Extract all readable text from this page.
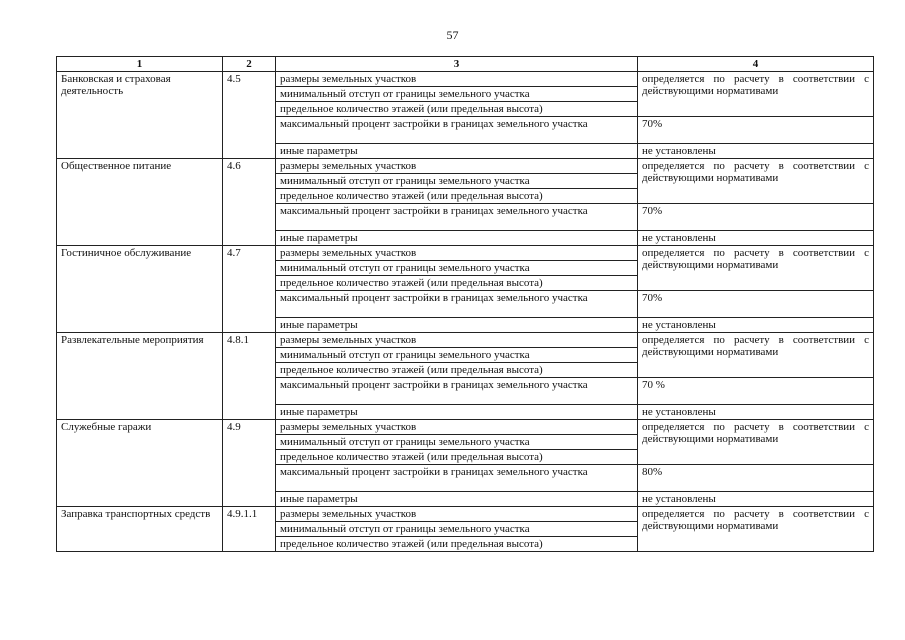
57
1	2	3	4
Банковская и страховая деятельность	4.5	размеры земельных участков	определяется по расчету в соответствии с действующими нормативами
		минимальный отступ от границы земельного участка	
		предельное количество этажей (или предельная высота)	
		максимальный процент застройки в границах земельного участка	70%
		иные параметры	не установлены
Общественное питание	4.6	размеры земельных участков	определяется по расчету в соответствии с действующими нормативами
		минимальный отступ от границы земельного участка	
		предельное количество этажей (или предельная высота)	
		максимальный процент застройки в границах земельного участка	70%
		иные параметры	не установлены
Гостиничное обслуживание	4.7	размеры земельных участков	определяется по расчету в соответствии с действующими нормативами
		минимальный отступ от границы земельного участка	
		предельное количество этажей (или предельная высота)	
		максимальный процент застройки в границах земельного участка	70%
		иные параметры	не установлены
Развлекательные мероприятия	4.8.1	размеры земельных участков	определяется по расчету в соответствии с действующими нормативами
		минимальный отступ от границы земельного участка	
		предельное количество этажей (или предельная высота)	
		максимальный процент застройки в границах земельного участка	70 %
		иные параметры	не установлены
Служебные гаражи	4.9	размеры земельных участков	определяется по расчету в соответствии с действующими нормативами
		минимальный отступ от границы земельного участка	
		предельное количество этажей (или предельная высота)	
		максимальный процент застройки в границах земельного участка	80%
		иные параметры	не установлены
Заправка транспортных средств	4.9.1.1	размеры земельных участков	определяется по расчету в соответствии с действующими нормативами
		минимальный отступ от границы земельного участка	
		предельное количество этажей (или предельная высота)	
